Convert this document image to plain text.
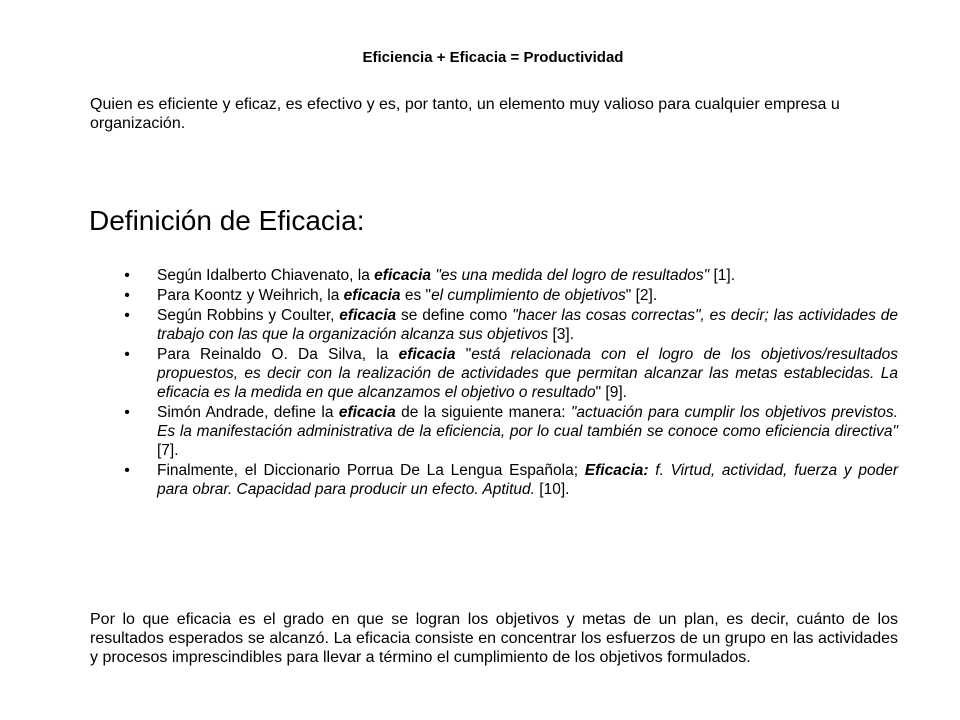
Eficiencia + Eficacia = Productividad

Quien es eficiente y eficaz, es efectivo y es, por tanto, un elemento muy valioso para cualquier empresa u organización.

Definición de Eficacia:
• Según Idalberto Chiavenato, la eficacia "es una medida del logro de resultados" [1].
• Para Koontz y Weihrich, la eficacia es "el cumplimiento de objetivos" [2].
• Según Robbins y Coulter, eficacia se define como "hacer las cosas correctas", es decir; las actividades de trabajo con las que la organización alcanza sus objetivos [3].
• Para Reinaldo O. Da Silva, la eficacia "está relacionada con el logro de los objetivos/resultados propuestos, es decir con la realización de actividades que permitan alcanzar las metas establecidas. La eficacia es la medida en que alcanzamos el objetivo o resultado" [9].
• Simón Andrade, define la eficacia de la siguiente manera: "actuación para cumplir los objetivos previstos. Es la manifestación administrativa de la eficiencia, por lo cual también se conoce como eficiencia directiva" [7].
• Finalmente, el Diccionario Porrua De La Lengua Española; Eficacia: f. Virtud, actividad, fuerza y poder para obrar. Capacidad para producir un efecto. Aptitud. [10].

Por lo que eficacia es el grado en que se logran los objetivos y metas de un plan, es decir, cuánto de los resultados esperados se alcanzó. La eficacia consiste en concentrar los esfuerzos de un grupo en las actividades y procesos imprescindibles para llevar a término el cumplimiento de los objetivos formulados.
